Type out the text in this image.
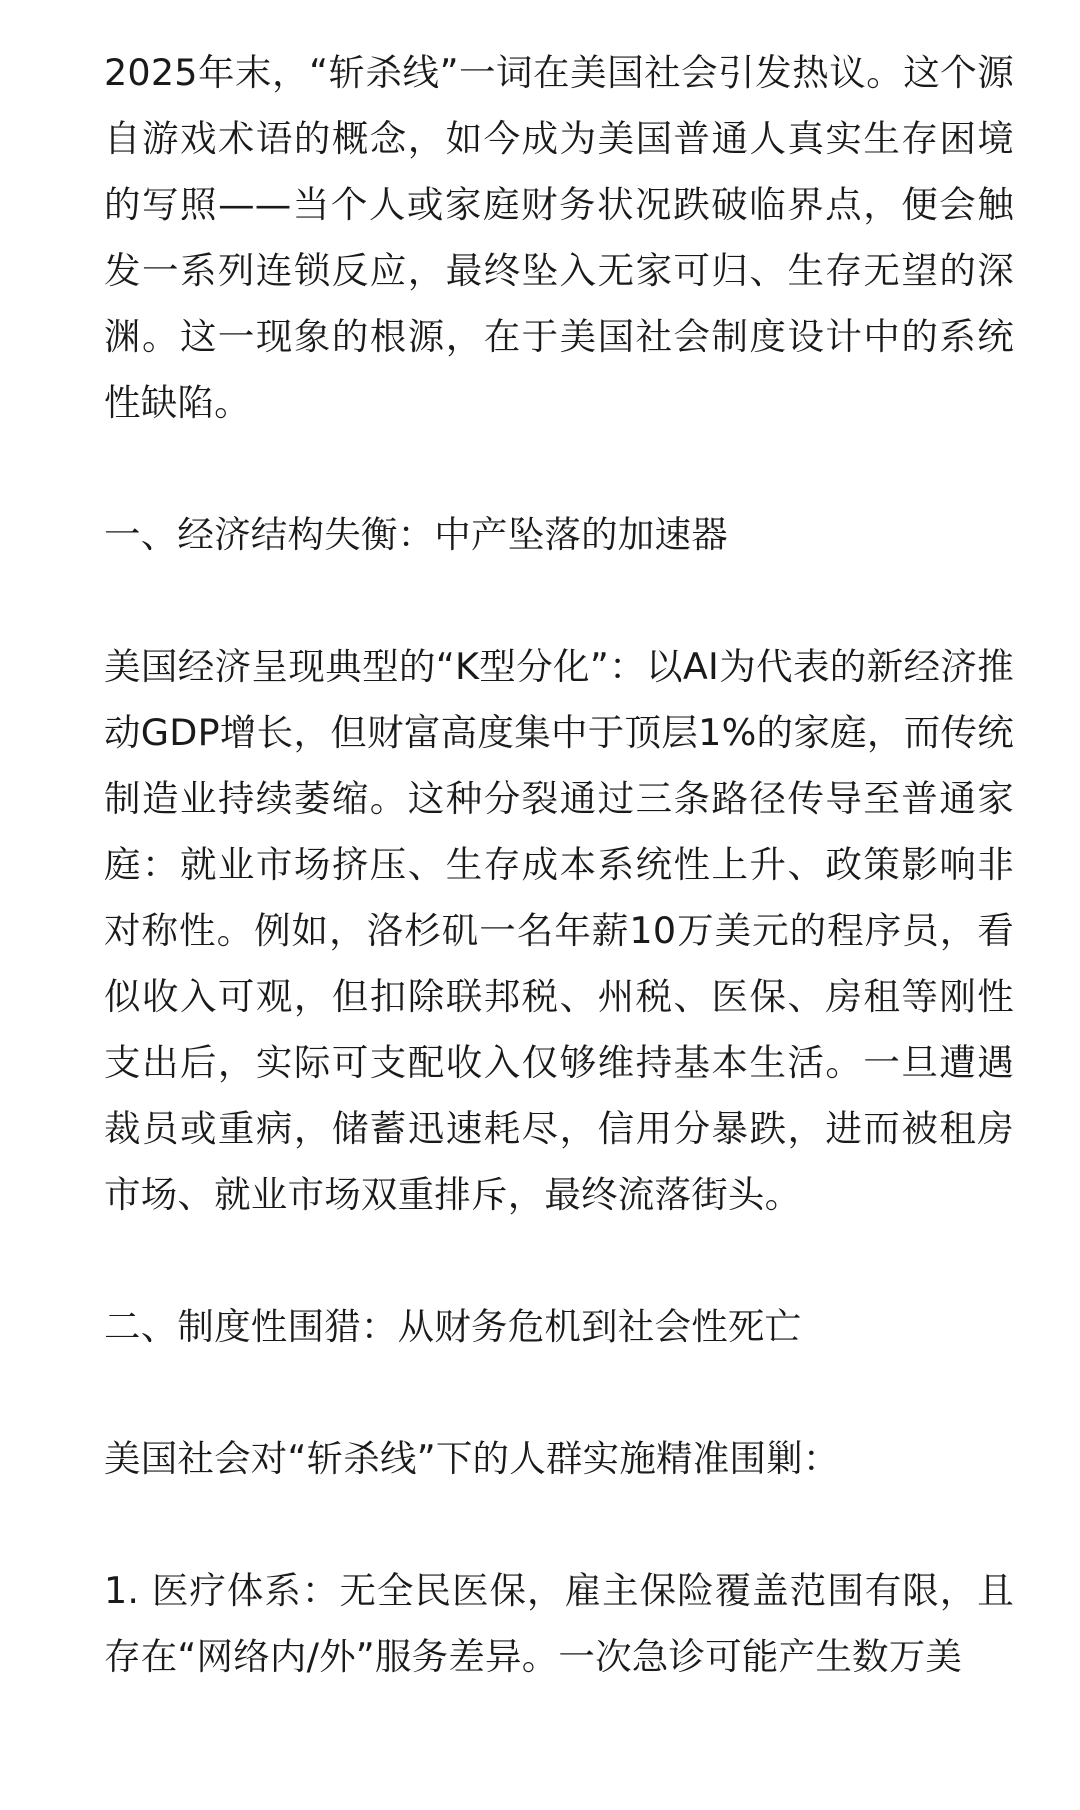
2025年末，“斩杀线”一词在美国社会引发热议。这个源自游戏术语的概念，如今成为美国普通人真实生存困境的写照——当个人或家庭财务状况跌破临界点，便会触发一系列连锁反应，最终坠入无家可归、生存无望的深渊。这一现象的根源，在于美国社会制度设计中的系统性缺陷。

一、经济结构失衡：中产坠落的加速器

美国经济呈现典型的“K型分化”：以AI为代表的新经济推动GDP增长，但财富高度集中于顶层1%的家庭，而传统制造业持续萎缩。这种分裂通过三条路径传导至普通家庭：就业市场挤压、生存成本系统性上升、政策影响非对称性。例如，洛杉矶一名年薪10万美元的程序员，看似收入可观，但扣除联邦税、州税、医保、房租等刚性支出后，实际可支配收入仅够维持基本生活。一旦遭遇裁员或重病，储蓄迅速耗尽，信用分暴跌，进而被租房市场、就业市场双重排斥，最终流落街头。

二、制度性围猎：从财务危机到社会性死亡

美国社会对“斩杀线”下的人群实施精准围剿：

1. 医疗体系：无全民医保，雇主保险覆盖范围有限，且存在“网络内/外”服务差异。一次急诊可能产生数万美
